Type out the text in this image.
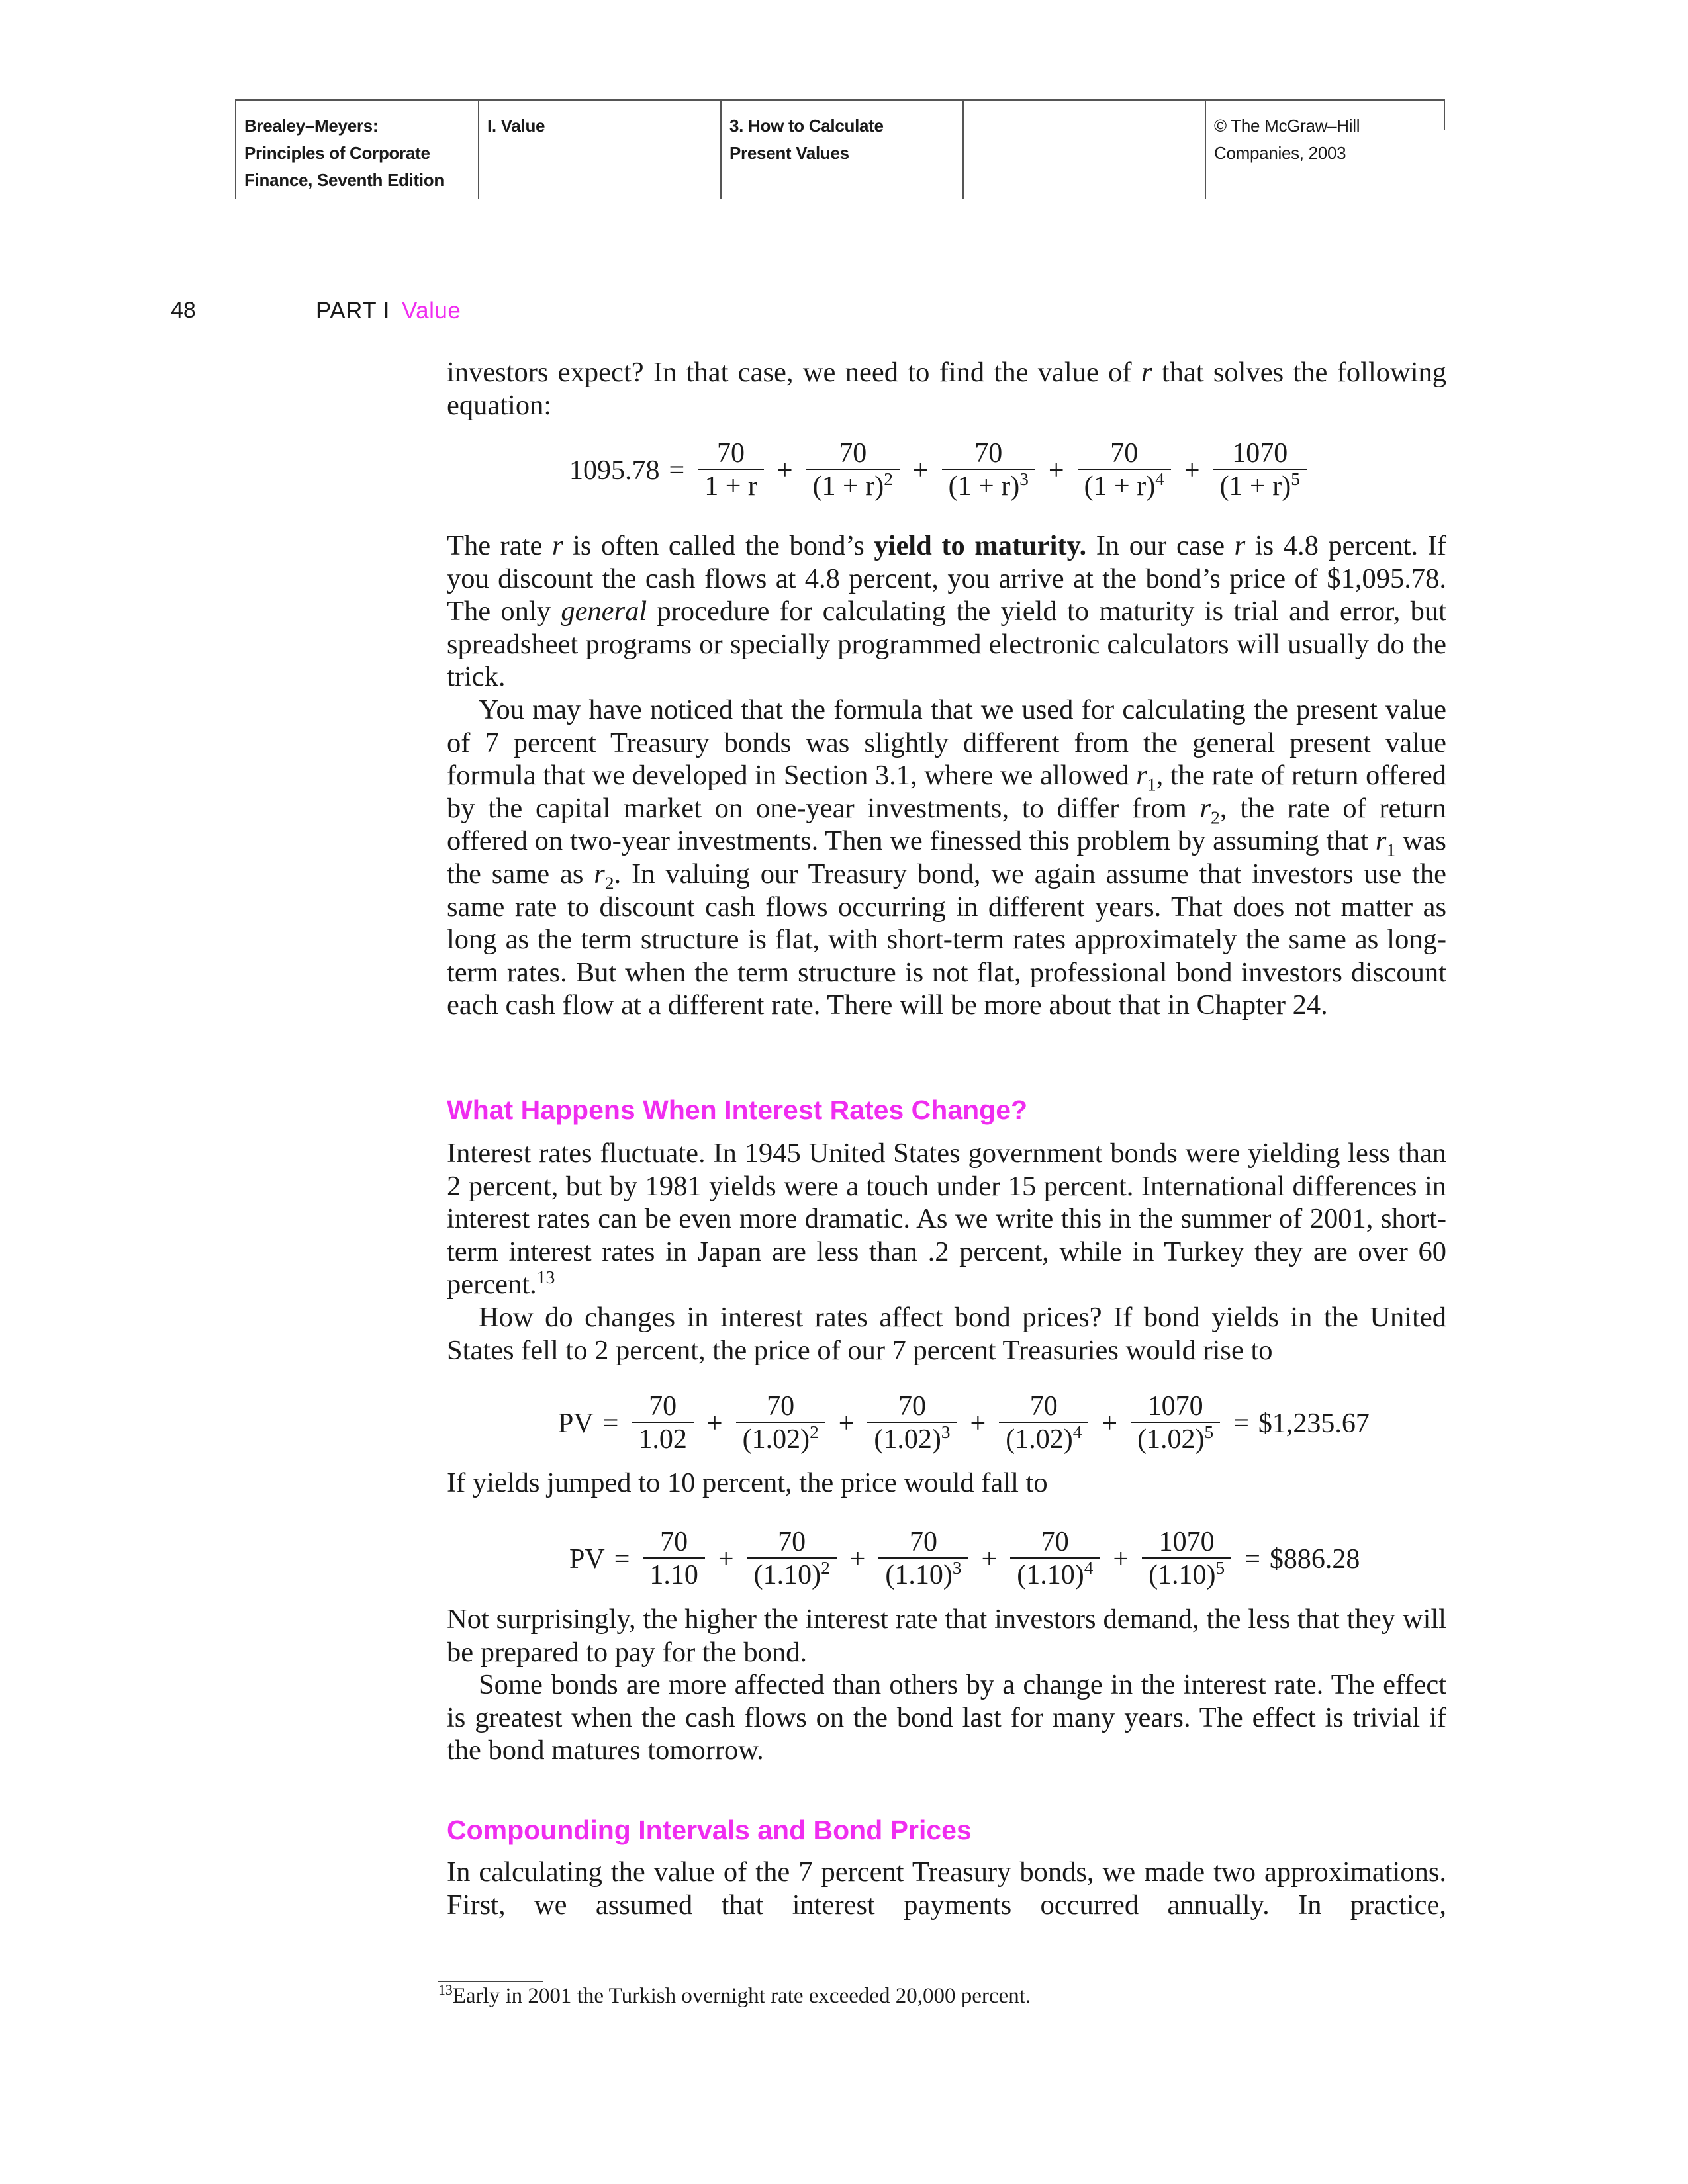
Brealey–Meyers:
Principles of Corporate
Finance, Seventh Edition
I. Value	3. How to Calculate
Present Values
© The McGraw–Hill
Companies, 2003
48	PART I Value

investors expect? In that case, we need to find the value of r that solves the following equation:

$1095.78 = \frac{70}{1 + r} + \frac{70}{(1 + r)^2} + \frac{70}{(1 + r)^3} + \frac{70}{(1 + r)^4} + \frac{1070}{(1 + r)^5}$

The rate r is often called the bond’s yield to maturity. In our case r is 4.8 percent. If you discount the cash flows at 4.8 percent, you arrive at the bond’s price of $1,095.78. The only general procedure for calculating the yield to maturity is trial and error, but spreadsheet programs or specially programmed electronic calculators will usually do the trick.

You may have noticed that the formula that we used for calculating the present value of 7 percent Treasury bonds was slightly different from the general present value formula that we developed in Section 3.1, where we allowed $r_1$, the rate of return offered by the capital market on one-year investments, to differ from $r_2$, the rate of return offered on two-year investments. Then we finessed this problem by assuming that $r_1$ was the same as $r_2$. In valuing our Treasury bond, we again assume that investors use the same rate to discount cash flows occurring in different years. That does not matter as long as the term structure is flat, with short-term rates approximately the same as long-term rates. But when the term structure is not flat, professional bond investors discount each cash flow at a different rate. There will be more about that in Chapter 24.

What Happens When Interest Rates Change?

Interest rates fluctuate. In 1945 United States government bonds were yielding less than 2 percent, but by 1981 yields were a touch under 15 percent. International differences in interest rates can be even more dramatic. As we write this in the summer of 2001, short-term interest rates in Japan are less than .2 percent, while in Turkey they are over 60 percent.$^{13}$

How do changes in interest rates affect bond prices? If bond yields in the United States fell to 2 percent, the price of our 7 percent Treasuries would rise to

PV = $\frac{70}{1.02} + \frac{70}{(1.02)^2} + \frac{70}{(1.02)^3} + \frac{70}{(1.02)^4} + \frac{1070}{(1.02)^5}$ = $1,235.67

If yields jumped to 10 percent, the price would fall to

PV = $\frac{70}{1.10} + \frac{70}{(1.10)^2} + \frac{70}{(1.10)^3} + \frac{70}{(1.10)^4} + \frac{1070}{(1.10)^5}$ = $886.28

Not surprisingly, the higher the interest rate that investors demand, the less that they will be prepared to pay for the bond.

Some bonds are more affected than others by a change in the interest rate. The effect is greatest when the cash flows on the bond last for many years. The effect is trivial if the bond matures tomorrow.

Compounding Intervals and Bond Prices

In calculating the value of the 7 percent Treasury bonds, we made two approximations. First, we assumed that interest payments occurred annually. In practice,

$^{13}$Early in 2001 the Turkish overnight rate exceeded 20,000 percent.
